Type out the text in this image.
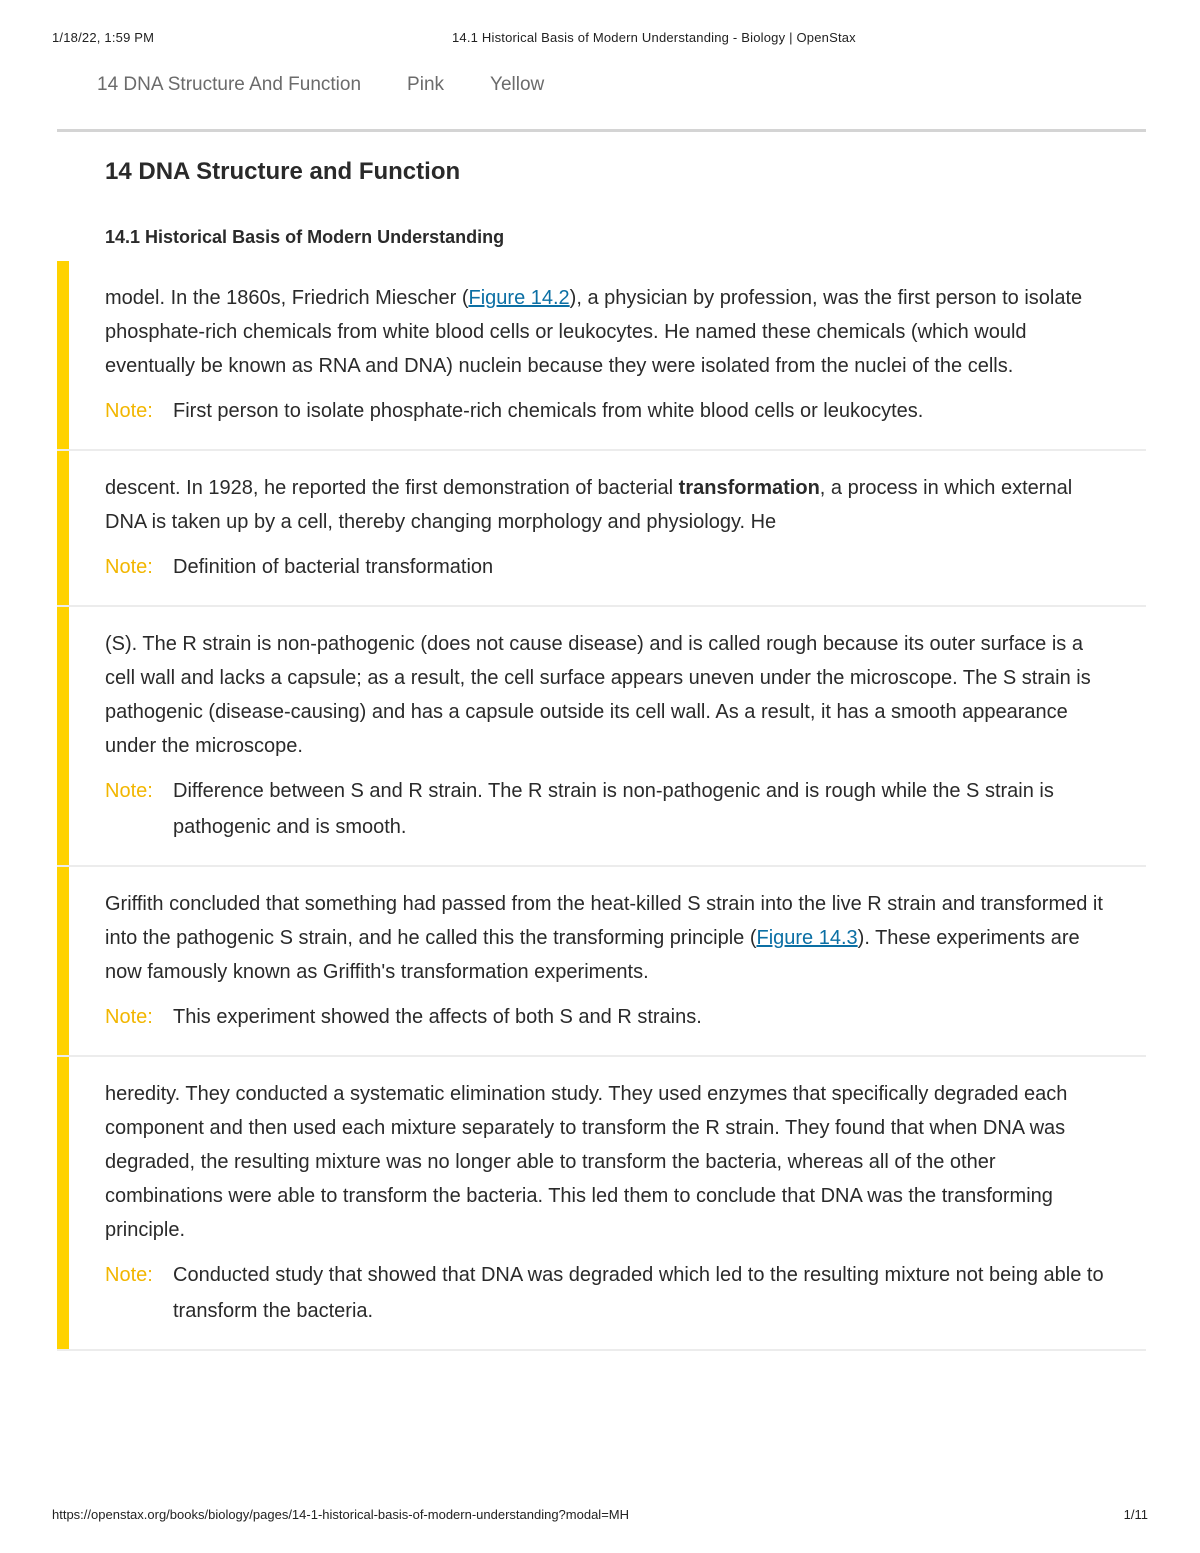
1/18/22, 1:59 PM	14.1 Historical Basis of Modern Understanding - Biology | OpenStax
14 DNA Structure And Function Pink Yellow
14 DNA Structure and Function
14.1 Historical Basis of Modern Understanding

model. In the 1860s, Friedrich Miescher (Figure 14.2), a physician by profession, was the first person to isolate phosphate-rich chemicals from white blood cells or leukocytes. He named these chemicals (which would eventually be known as RNA and DNA) nuclein because they were isolated from the nuclei of the cells.

Note:	First person to isolate phosphate-rich chemicals from white blood cells or leukocytes.

descent. In 1928, he reported the first demonstration of bacterial transformation, a process in which external DNA is taken up by a cell, thereby changing morphology and physiology. He

Note:	Definition of bacterial transformation

(S). The R strain is non-pathogenic (does not cause disease) and is called rough because its outer surface is a cell wall and lacks a capsule; as a result, the cell surface appears uneven under the microscope. The S strain is pathogenic (disease-causing) and has a capsule outside its cell wall. As a result, it has a smooth appearance under the microscope.

Note:	Difference between S and R strain. The R strain is non-pathogenic and is rough while the S strain is pathogenic and is smooth.

Griffith concluded that something had passed from the heat-killed S strain into the live R strain and transformed it into the pathogenic S strain, and he called this the transforming principle (Figure 14.3). These experiments are now famously known as Griffith's transformation experiments.

Note:	This experiment showed the affects of both S and R strains.

heredity. They conducted a systematic elimination study. They used enzymes that specifically degraded each component and then used each mixture separately to transform the R strain. They found that when DNA was degraded, the resulting mixture was no longer able to transform the bacteria, whereas all of the other combinations were able to transform the bacteria. This led them to conclude that DNA was the transforming principle.

Note:	Conducted study that showed that DNA was degraded which led to the resulting mixture not being able to transform the bacteria.
https://openstax.org/books/biology/pages/14-1-historical-basis-of-modern-understanding?modal=MH	1/11
